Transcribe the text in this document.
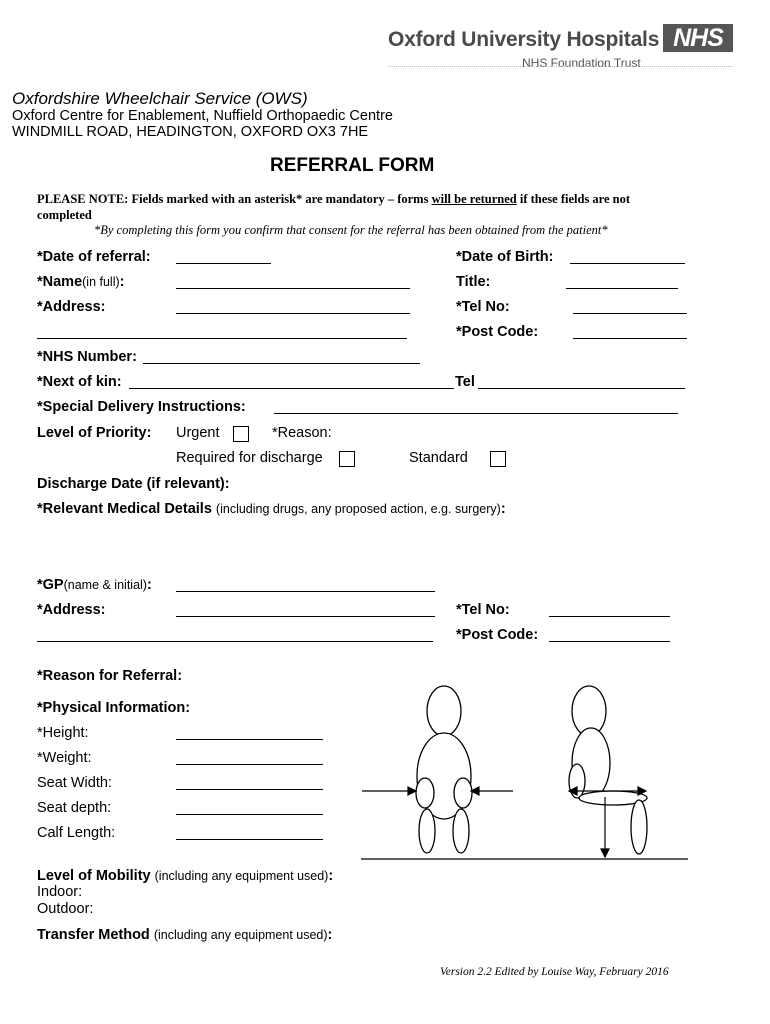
Oxford University Hospitals NHS
NHS Foundation Trust
Oxfordshire Wheelchair Service (OWS)
Oxford Centre for Enablement, Nuffield Orthopaedic Centre
WINDMILL ROAD, HEADINGTON, OXFORD OX3 7HE
REFERRAL FORM
PLEASE NOTE: Fields marked with an asterisk* are mandatory – forms will be returned if these fields are not
completed
*By completing this form you confirm that consent for the referral has been obtained from the patient*
*Date of referral:	*Date of Birth:
*Name(in full):	Title:
*Address:	*Tel No:
*Post Code:
*NHS Number:
*Next of kin:	Tel
*Special Delivery Instructions:
Level of Priority: Urgent	*Reason:
Required for discharge	Standard
Discharge Date (if relevant):
*Relevant Medical Details (including drugs, any proposed action, e.g. surgery):
*GP(name & initial):
*Address:	*Tel No:
*Post Code:
*Reason for Referral:
*Physical Information:
*Height:
*Weight:
Seat Width:
Seat depth:
Calf Length:
Level of Mobility (including any equipment used):
Indoor:
Outdoor:
Transfer Method (including any equipment used):
Version 2.2 Edited by Louise Way, February 2016
